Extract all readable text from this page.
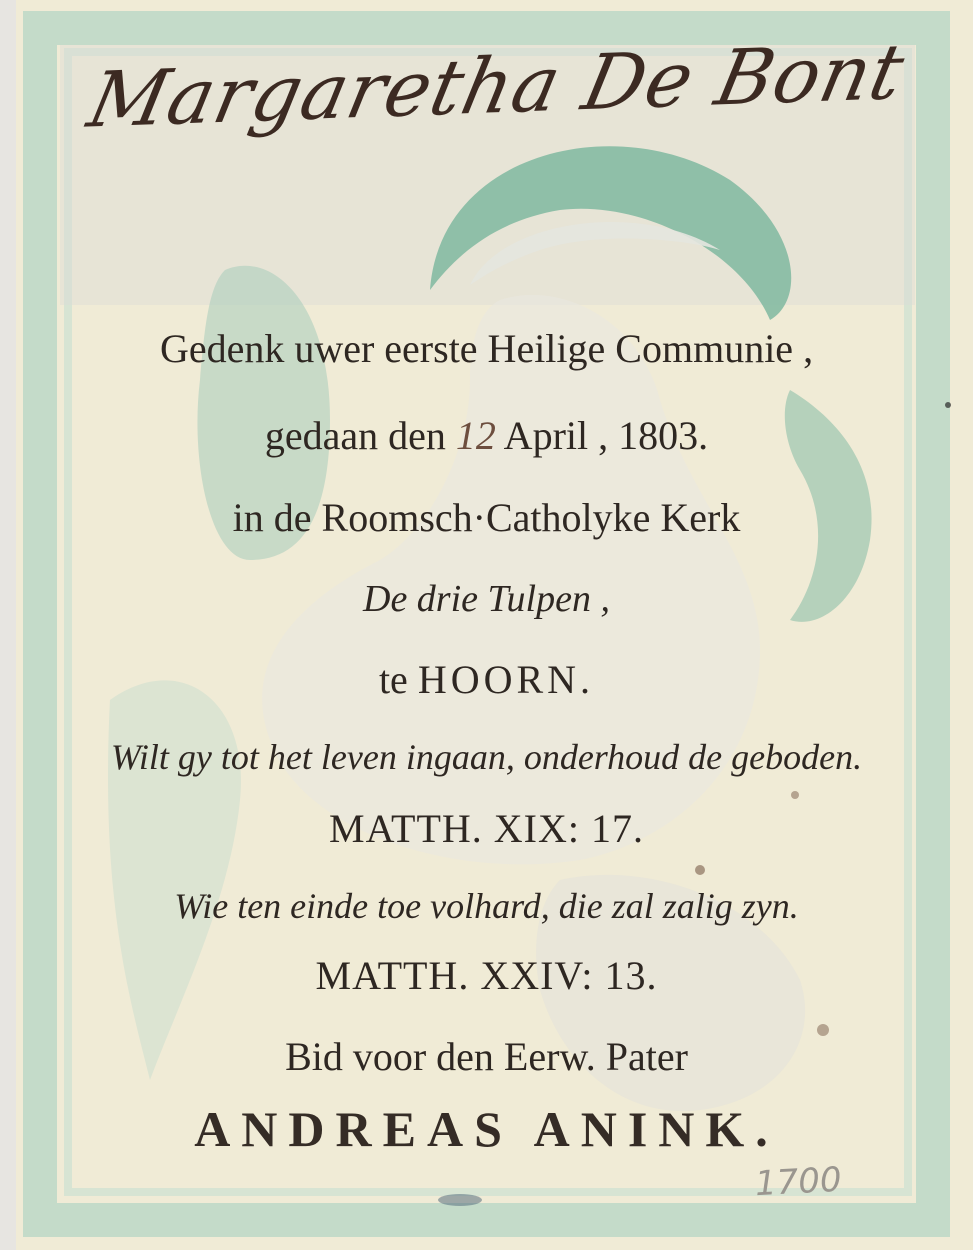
Margaretha De Bont
Gedenk uwer eerste Heilige Communie ,
gedaan den 12 April , 1803.
in de Roomsch·Catholyke Kerk
De drie Tulpen ,
te HOORN.
Wilt gy tot het leven ingaan, onderhoud de geboden.
MATTH. XIX: 17.
Wie ten einde toe volhard, die zal zalig zyn.
MATTH. XXIV: 13.
Bid voor den Eerw. Pater
ANDREAS ANINK.
1700
